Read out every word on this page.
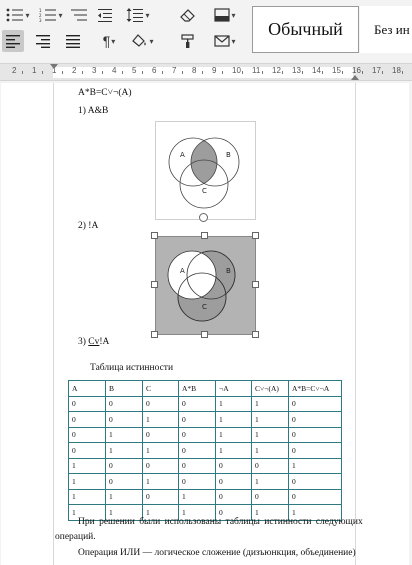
▾ 1
2
3
▾	▾	▾
¶ ▾	▾	▾
Обычный Без ин
2 1 1 2 3 4 5 6 7 8 9 10 11 12 13 14 15 16 17 18
A*B=C˅¬(A)
1) A&B
A	B
C
2) !A
A	B
C
3) Cv!A
Таблица истинности
A	B	C	A*B	¬A	C˅¬(A)	A*B=C˅¬A
0	0	0	0	1	1	0
0	0	1	0	1	1	0
0	1	0	0	1	1	0
0	1	1	0	1	1	0
1	0	0	0	0	0	1
1	0	1	0	0	1	0
1	1	0	1	0	0	0
1	1	1	1	0	1	1
При решении были использованы таблицы истинности следующих
операций.
Операция ИЛИ — логическое сложение (дизъюнкция, объединение)
